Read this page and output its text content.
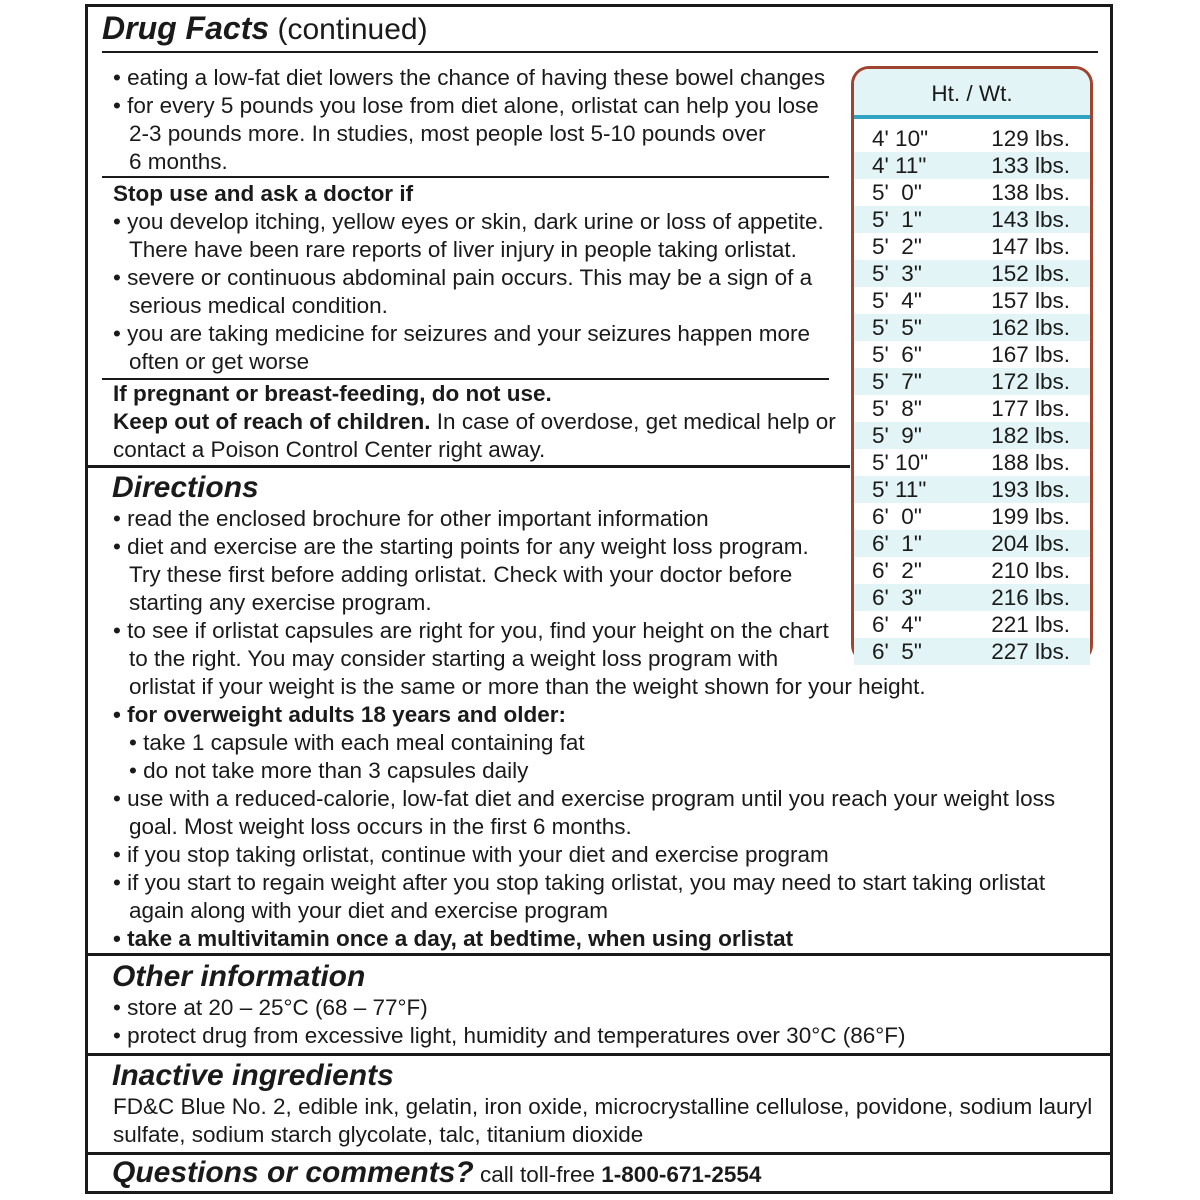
Drug Facts (continued)
• eating a low-fat diet lowers the chance of having these bowel changes
• for every 5 pounds you lose from diet alone, orlistat can help you lose
2-3 pounds more. In studies, most people lost 5-10 pounds over
6 months.
Stop use and ask a doctor if
• you develop itching, yellow eyes or skin, dark urine or loss of appetite.
There have been rare reports of liver injury in people taking orlistat.
• severe or continuous abdominal pain occurs. This may be a sign of a
serious medical condition.
• you are taking medicine for seizures and your seizures happen more
often or get worse
If pregnant or breast-feeding, do not use.
Keep out of reach of children. In case of overdose, get medical help or
contact a Poison Control Center right away.
Directions
• read the enclosed brochure for other important information
• diet and exercise are the starting points for any weight loss program.
Try these first before adding orlistat. Check with your doctor before
starting any exercise program.
• to see if orlistat capsules are right for you, find your height on the chart
to the right. You may consider starting a weight loss program with
orlistat if your weight is the same or more than the weight shown for your height.
• for overweight adults 18 years and older:
• take 1 capsule with each meal containing fat
• do not take more than 3 capsules daily
• use with a reduced-calorie, low-fat diet and exercise program until you reach your weight loss
goal. Most weight loss occurs in the first 6 months.
• if you stop taking orlistat, continue with your diet and exercise program
• if you start to regain weight after you stop taking orlistat, you may need to start taking orlistat
again along with your diet and exercise program
• take a multivitamin once a day, at bedtime, when using orlistat
Ht. / Wt.
4' 10"	129 lbs.
4' 11"	133 lbs.
5'  0"	138 lbs.
5'  1"	143 lbs.
5'  2"	147 lbs.
5'  3"	152 lbs.
5'  4"	157 lbs.
5'  5"	162 lbs.
5'  6"	167 lbs.
5'  7"	172 lbs.
5'  8"	177 lbs.
5'  9"	182 lbs.
5' 10"	188 lbs.
5' 11"	193 lbs.
6'  0"	199 lbs.
6'  1"	204 lbs.
6'  2"	210 lbs.
6'  3"	216 lbs.
6'  4"	221 lbs.
6'  5"	227 lbs.
Other information
• store at 20 – 25°C (68 – 77°F)
• protect drug from excessive light, humidity and temperatures over 30°C (86°F)
Inactive ingredients
FD&C Blue No. 2, edible ink, gelatin, iron oxide, microcrystalline cellulose, povidone, sodium lauryl
sulfate, sodium starch glycolate, talc, titanium dioxide
Questions or comments? call toll-free 1-800-671-2554
